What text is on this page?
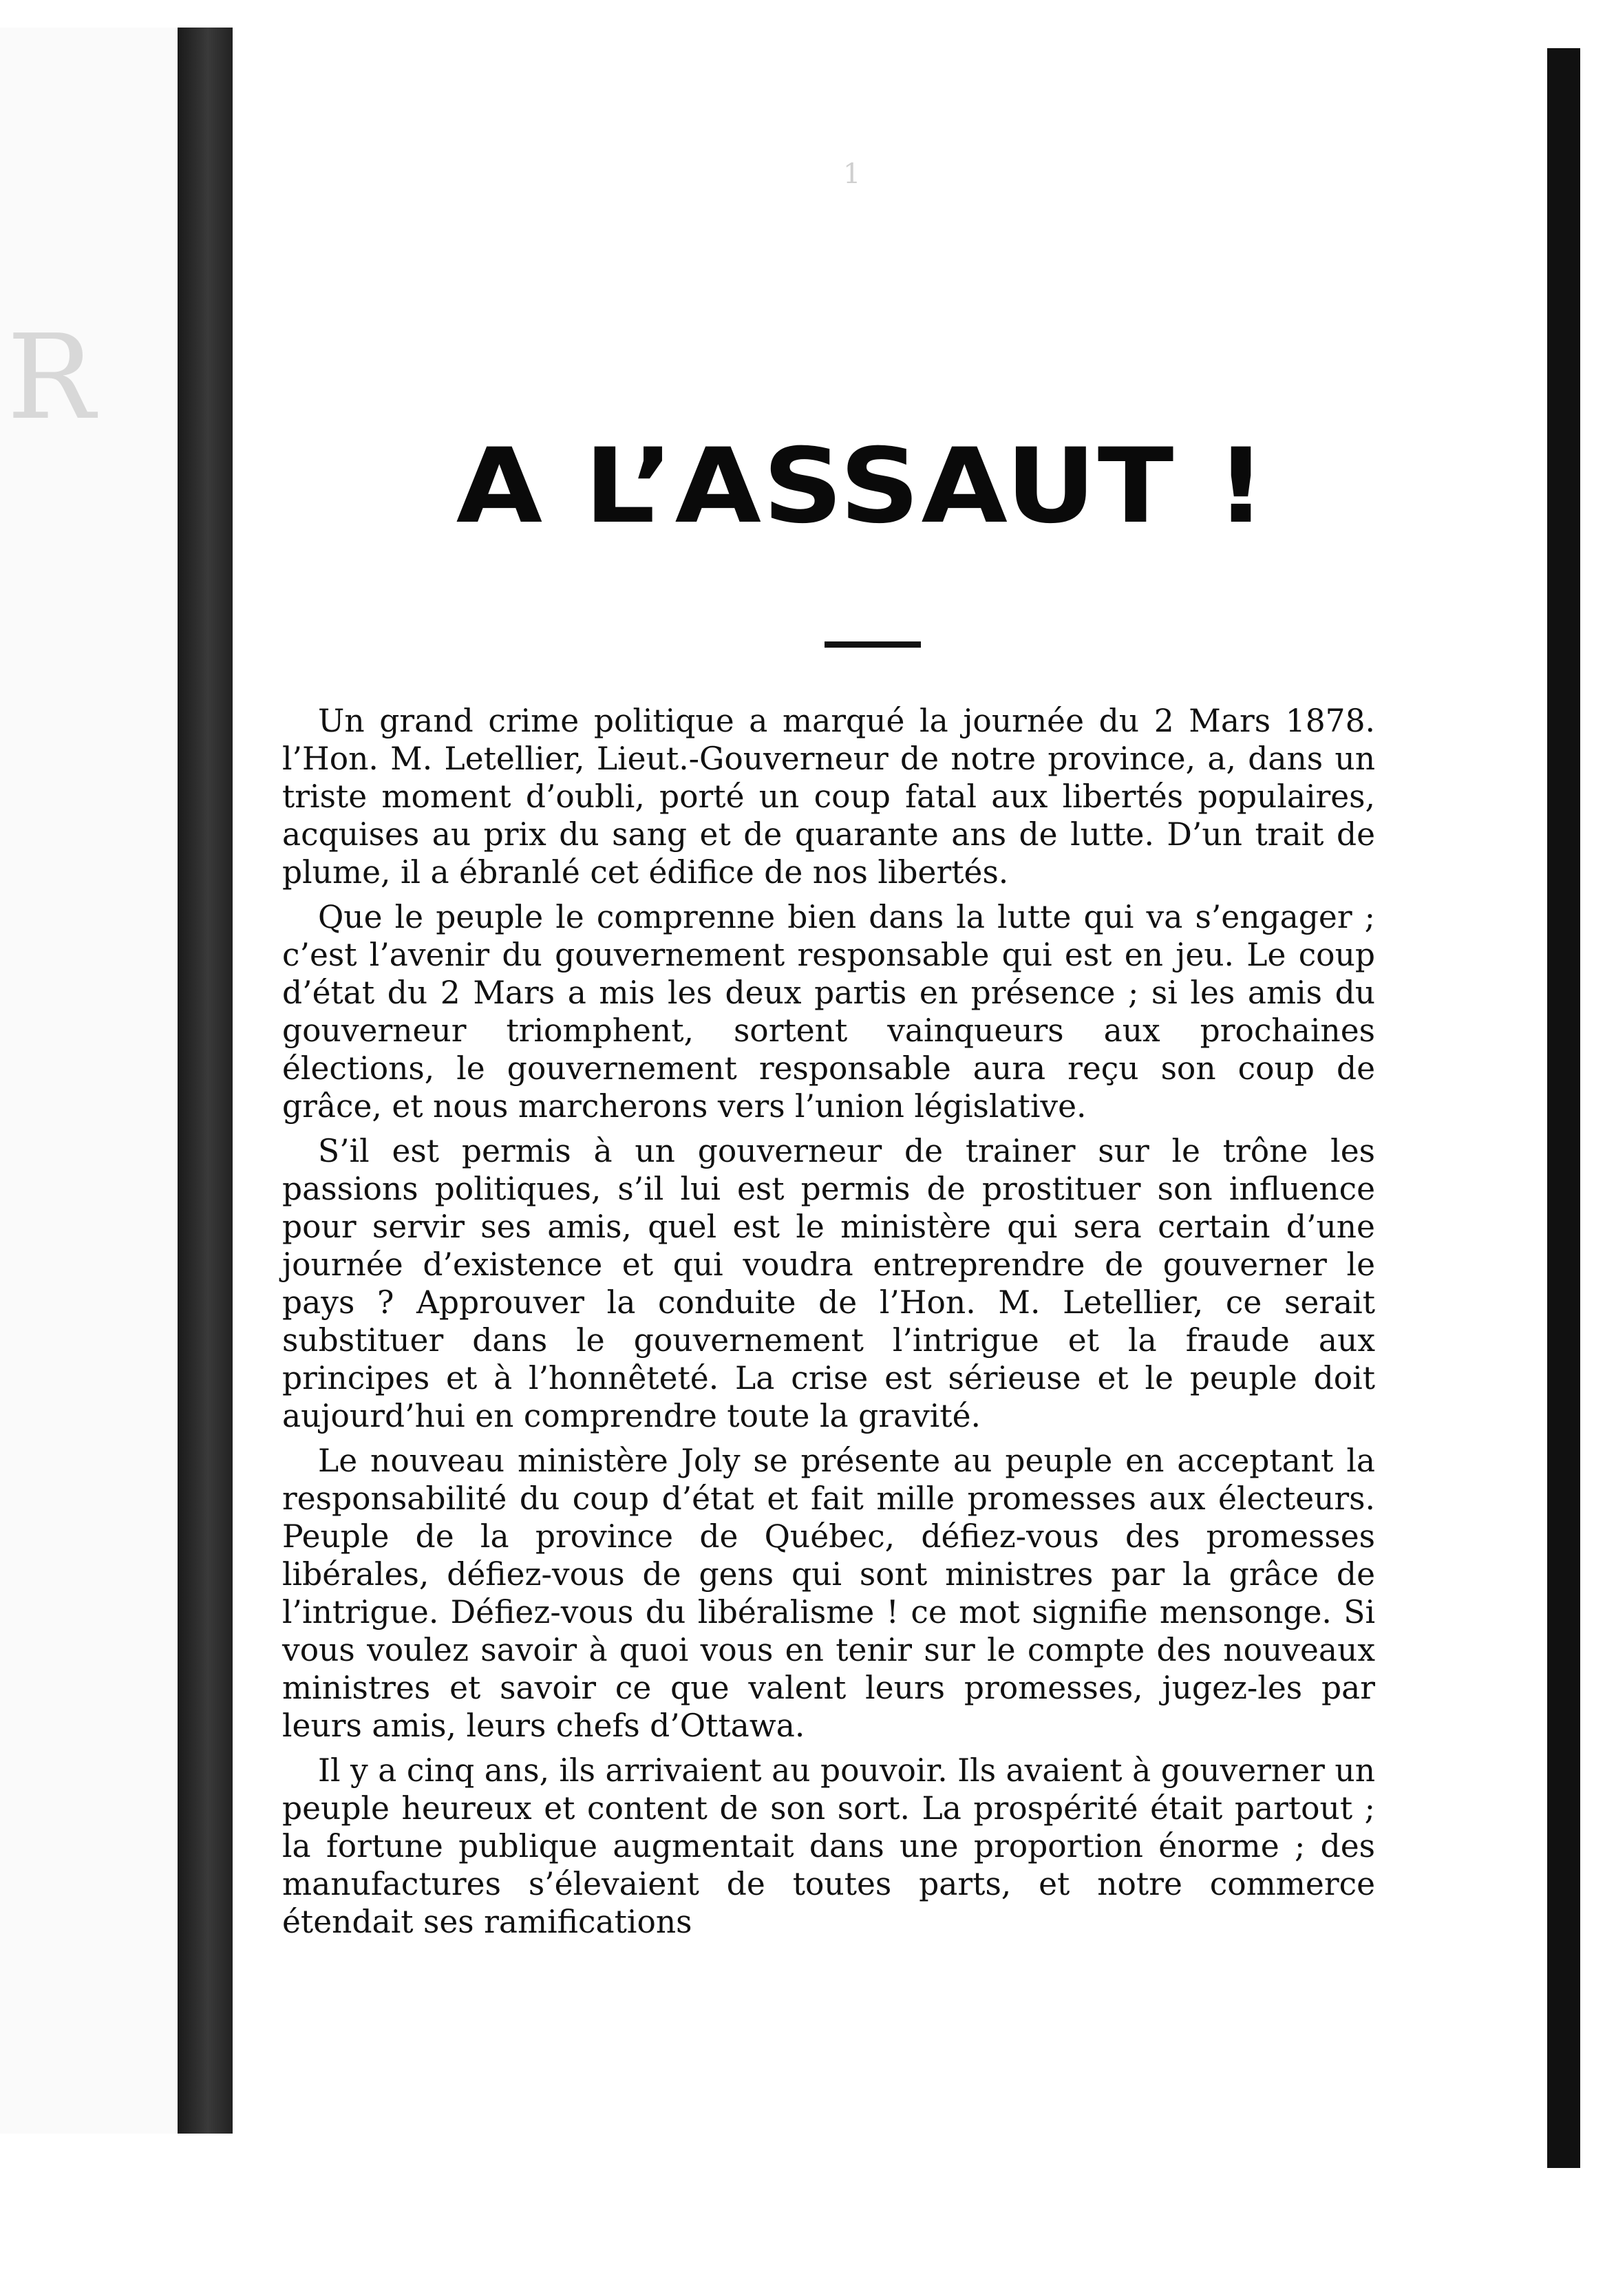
R
1
A L’ASSAUT !

Un grand crime politique a marqué la journée du 2 Mars 1878. l’Hon. M. Letellier, Lieut.-Gouverneur de notre province, a, dans un triste moment d’oubli, porté un coup fatal aux libertés populaires, acquises au prix du sang et de quarante ans de lutte. D’un trait de plume, il a ébranlé cet édifice de nos libertés.

Que le peuple le comprenne bien dans la lutte qui va s’engager ; c’est l’avenir du gouvernement responsable qui est en jeu. Le coup d’état du 2 Mars a mis les deux partis en présence ; si les amis du gouverneur triomphent, sortent vainqueurs aux prochaines élections, le gouvernement responsable aura reçu son coup de grâce, et nous marcherons vers l’union législative.

S’il est permis à un gouverneur de trainer sur le trône les passions politiques, s’il lui est permis de prostituer son influence pour servir ses amis, quel est le ministère qui sera certain d’une journée d’existence et qui voudra entreprendre de gouverner le pays ? Approuver la conduite de l’Hon. M. Letellier, ce serait substituer dans le gouvernement l’intrigue et la fraude aux principes et à l’honnêteté. La crise est sérieuse et le peuple doit aujourd’hui en comprendre toute la gravité.

Le nouveau ministère Joly se présente au peuple en acceptant la responsabilité du coup d’état et fait mille promesses aux électeurs. Peuple de la province de Québec, défiez-vous des promesses libérales, défiez-vous de gens qui sont ministres par la grâce de l’intrigue. Défiez-vous du libéralisme ! ce mot signifie mensonge. Si vous voulez savoir à quoi vous en tenir sur le compte des nouveaux ministres et savoir ce que valent leurs promesses, jugez-les par leurs amis, leurs chefs d’Ottawa.

Il y a cinq ans, ils arrivaient au pouvoir. Ils avaient à gouverner un peuple heureux et content de son sort. La prospérité était partout ; la fortune publique augmentait dans une proportion énorme ; des manufactures s’élevaient de toutes parts, et notre commerce étendait ses ramifications
